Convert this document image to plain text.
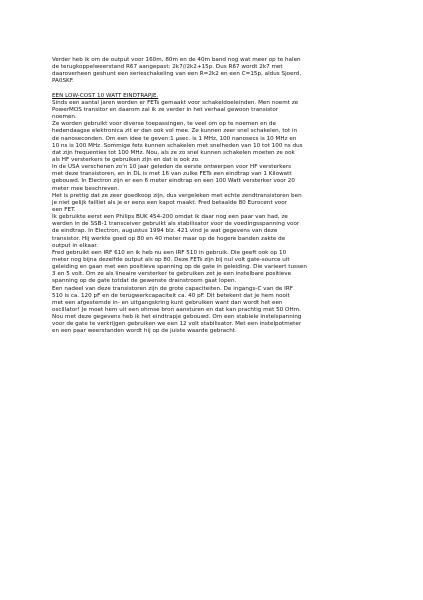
Verder heb ik om de output voor 160m, 80m en de 40m band nog wat meer op te halen
de terugkoppelweerstand R67 aangepast: 2k7//2k2+15p. Dus R67 wordt 2k7 met
daaroverheen geshunt een serieschakeling van een R=2k2 en een C=15p, aldus Sjoerd,
PA0SKF.
EEN LOW-COST 10 WATT EINDTRAPJE.
Sinds een aantal jaren worden er FETs gemaakt voor schakeldoeleinden. Men noemt ze
PowerMOS transitor en daarom zal ik ze verder in het verhaal gewoon transistor
noemen.
Ze worden gebruikt voor diverse toepassingen, te veel om op te noemen en de
hedendaagse elektronica zit er dan ook vol mee. Ze kunnen zeer snel schakelen, tot in
de nanoseconden. Om een idee te geven:1 µsec. is 1 MHz, 100 nanosecs is 10 MHz en
10 ns is 100 MHz. Sommige fets kunnen schakelen met snelheden van 10 tot 100 ns dus
dat zijn frequenties tot 100 MHz. Nou, als ze zo snel kunnen schakelen moeten ze ook
als HF versterkers te gebruiken zijn en dat is ook zo.
In de USA verschenen zo'n 10 jaar geleden de eerste ontwerpen voor HF versterkers
met deze transistoren, en in DL is met 16 van zulke FETs een eindtrap van 1 Kilowatt
gebouwd. In Electron zijn er een 6 meter eindtrap en een 100 Watt versterker voor 20
meter mee beschreven.
Het is prettig dat ze zeer goedkoop zijn, dus vergeleken met echte zendtransistoren ben
je niet gelijk failliet als je er eens een kapot maakt. Fred betaalde 80 Eurocent voor
een FET.
Ik gebruikte eerst een Philips BUK 454-200 omdat ik daar nog een paar van had, ze
werden in de SSB-1 transceiver gebruikt als stabilisator voor de voedingsspanning voor
de eindtrap. In Electron, augustus 1994 blz. 421 vind je wat gegevens van deze
transistor. Hij werkte goed op 80 en 40 meter maar op de hogere banden zakte de
output in elkaar.
Fred gebruikt een IRF 610 en ik heb nu een IRF 510 in gebruik. Die geeft ook op 10
meter nog bijna dezelfde output als op 80. Deze FETs zijn bij nul volt gate-source uit
geleiding en gaan met een positieve spanning op de gate in geleiding. Die varieert tussen
3 en 5 volt. Om ze als lineaire versterker te gebruiken zet je een instelbare positieve
spanning op de gate totdat de gewenste drainstroom gaat lopen.
Een nadeel van deze transistoren zijn de grote capaciteiten. De ingangs-C van de IRF
510 is ca. 120 pF en de terugwerkcapaciteit ca. 40 pF. Dit betekent dat je hem nooit
met een afgestemde in- en uitgangskring kunt gebruiken want dan wordt het een
oscillator! Je moet hem uit een ohmse bron aansturen en dat kan prachtig met 50 OHm.
Nou met deze gegevens heb ik het eindtrapje gebouwd. Om een stabiele instelspanning
voor de gate te verkrijgen gebruiken we een 12 volt stabilisator. Met een instelpotmeter
en een paar weerstanden wordt hij op de juiste waarde gebracht.
